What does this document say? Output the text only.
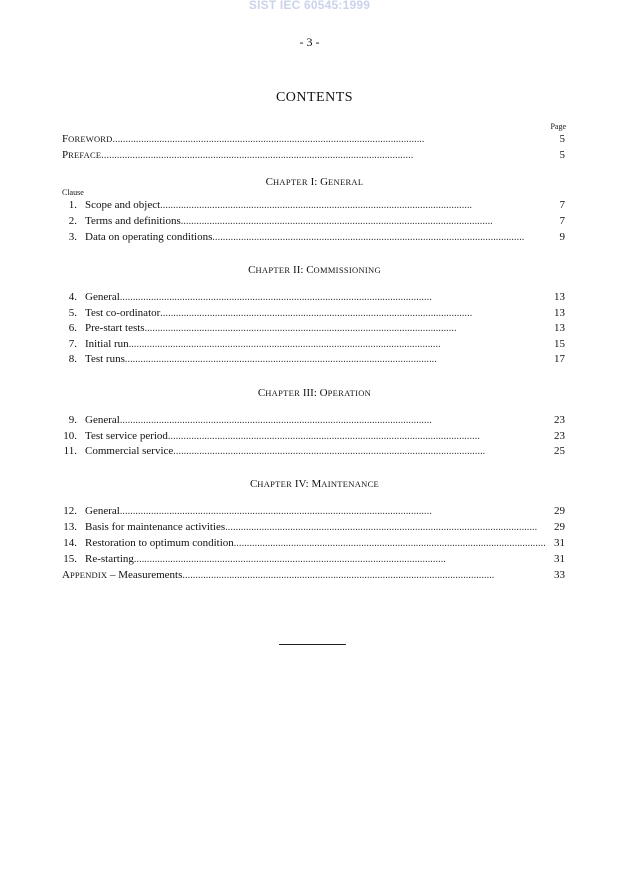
SIST IEC 60545:1999
- 3 -
CONTENTS
Page
FOREWORD . . .	5
PREFACE . . .	5
CHAPTER I: GENERAL
Clause
1. Scope and object . . .	7
2. Terms and definitions . . .	7
3. Data on operating conditions . . .	9
CHAPTER II: COMMISSIONING
4. General . . .	13
5. Test co-ordinator . . .	13
6. Pre-start tests . . .	13
7. Initial run . . .	15
8. Test runs . . .	17
CHAPTER III: OPERATION
9. General . . .	23
10. Test service period . . .	23
11. Commercial service . . .	25
CHAPTER IV: MAINTENANCE
12. General . . .	29
13. Basis for maintenance activities . . .	29
14. Restoration to optimum condition . . .	31
15. Re-starting . . .	31
APPENDIX – Measurements . . .	33
